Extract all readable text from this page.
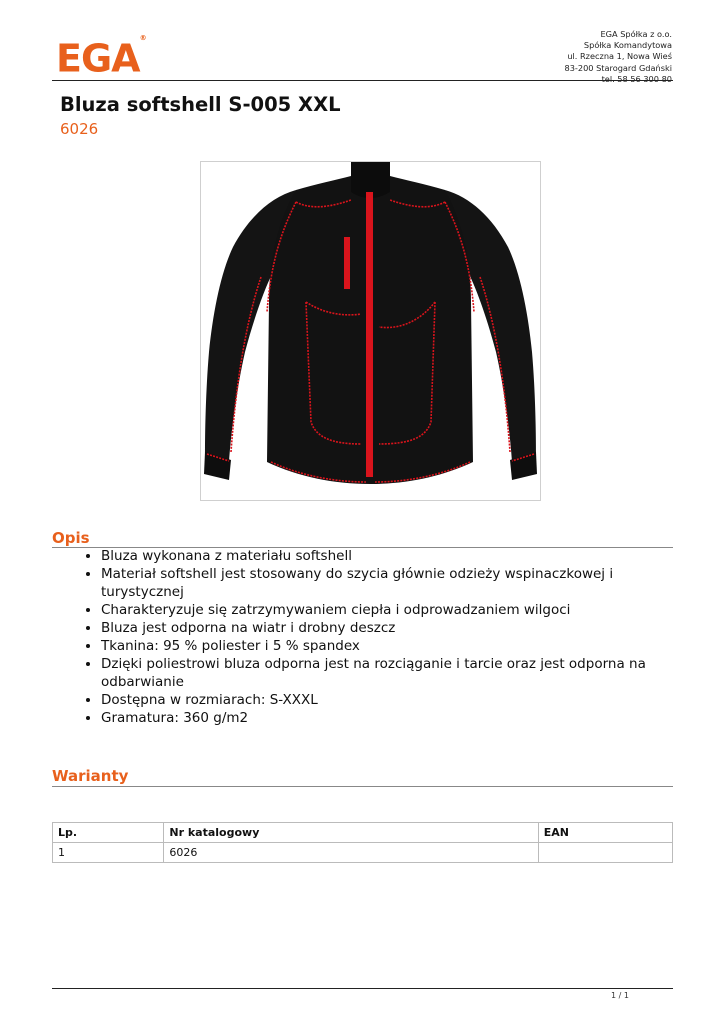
EGA®	EGA Spółka z o.o.
Spółka Komandytowa
ul. Rzeczna 1, Nowa Wieś
83-200 Starogard Gdański
tel. 58 56 300 80
Bluza softshell S-005 XXL
6026
Opis
• Bluza wykonana z materiału softshell
• Materiał softshell jest stosowany do szycia głównie odzieży wspinaczkowej i turystycznej
• Charakteryzuje się zatrzymywaniem ciepła i odprowadzaniem wilgoci
• Bluza jest odporna na wiatr i drobny deszcz
• Tkanina: 95 % poliester i 5 % spandex
• Dzięki poliestrowi bluza odporna jest na rozciąganie i tarcie oraz jest odporna na odbarwianie
• Dostępna w rozmiarach: S-XXXL
• Gramatura: 360 g/m2
Warianty
Lp.	Nr katalogowy	EAN
1	6026	
1 / 1
